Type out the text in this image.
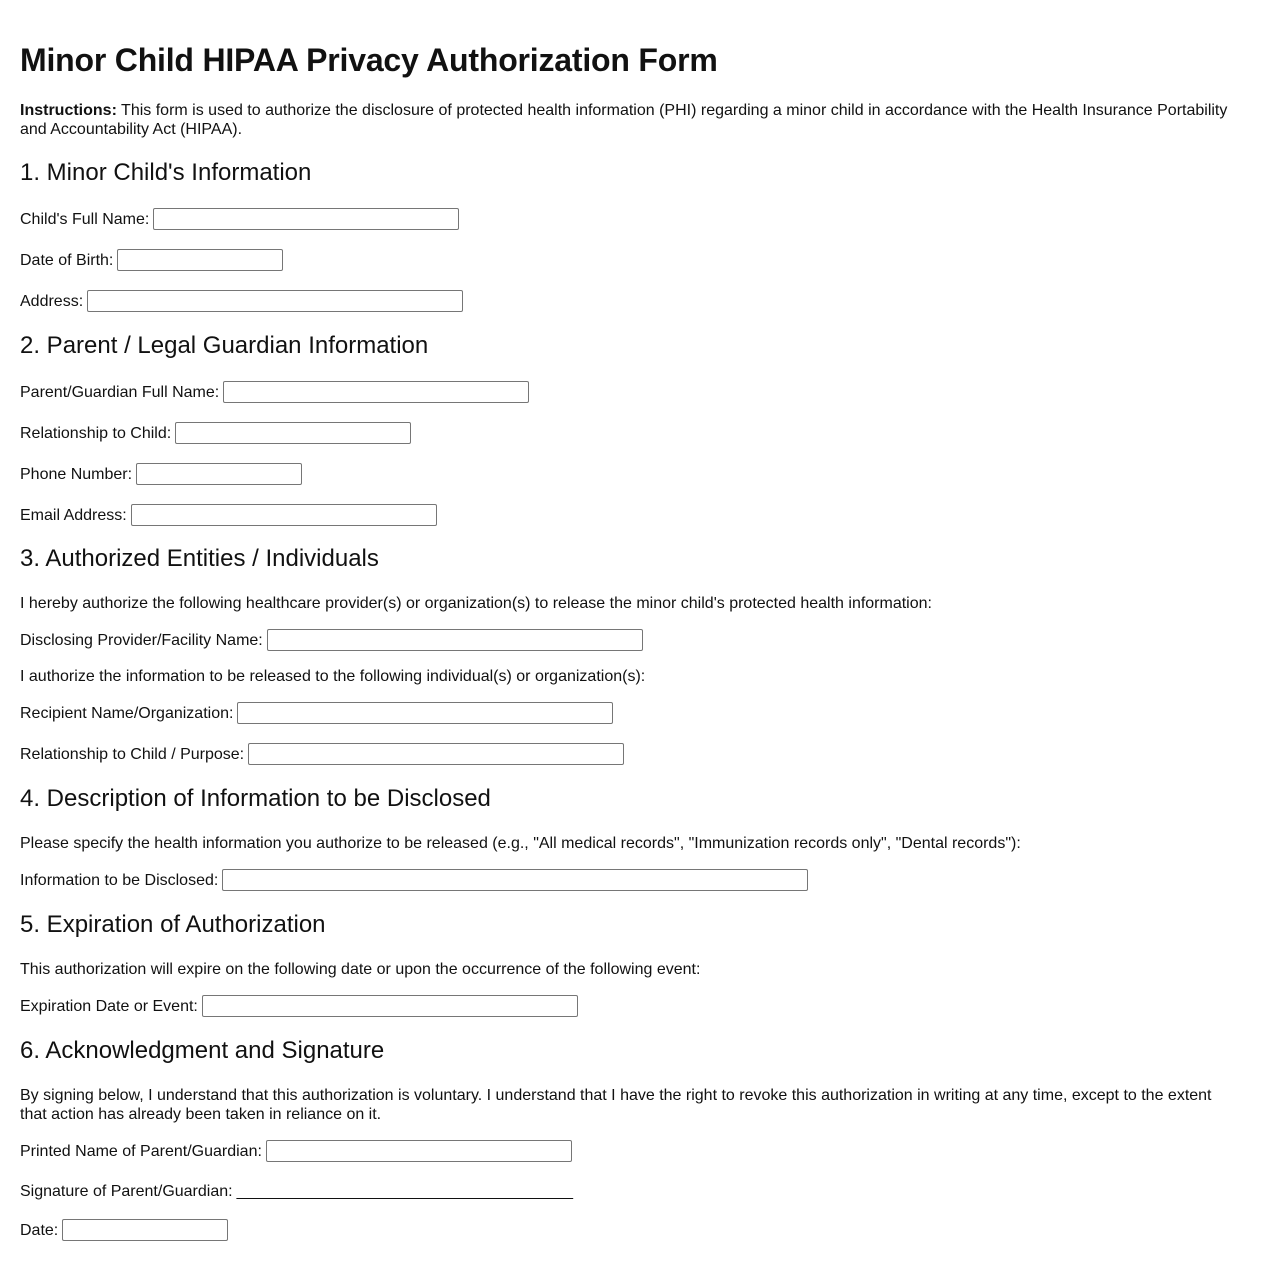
Minor Child HIPAA Privacy Authorization Form

Instructions: This form is used to authorize the disclosure of protected health information (PHI) regarding a minor child in accordance with the Health Insurance Portability and Accountability Act (HIPAA).

1. Minor Child's Information
Child's Full Name:
Date of Birth:
Address:
2. Parent / Legal Guardian Information
Parent/Guardian Full Name:
Relationship to Child:
Phone Number:
Email Address:
3. Authorized Entities / Individuals

I hereby authorize the following healthcare provider(s) or organization(s) to release the minor child's protected health information:

Disclosing Provider/Facility Name:

I authorize the information to be released to the following individual(s) or organization(s):

Recipient Name/Organization:
Relationship to Child / Purpose:
4. Description of Information to be Disclosed

Please specify the health information you authorize to be released (e.g., "All medical records", "Immunization records only", "Dental records"):

Information to be Disclosed:
5. Expiration of Authorization

This authorization will expire on the following date or upon the occurrence of the following event:

Expiration Date or Event:
6. Acknowledgment and Signature

By signing below, I understand that this authorization is voluntary. I understand that I have the right to revoke this authorization in writing at any time, except to the extent that action has already been taken in reliance on it.

Printed Name of Parent/Guardian:
Signature of Parent/Guardian: ________________________________________
Date:
